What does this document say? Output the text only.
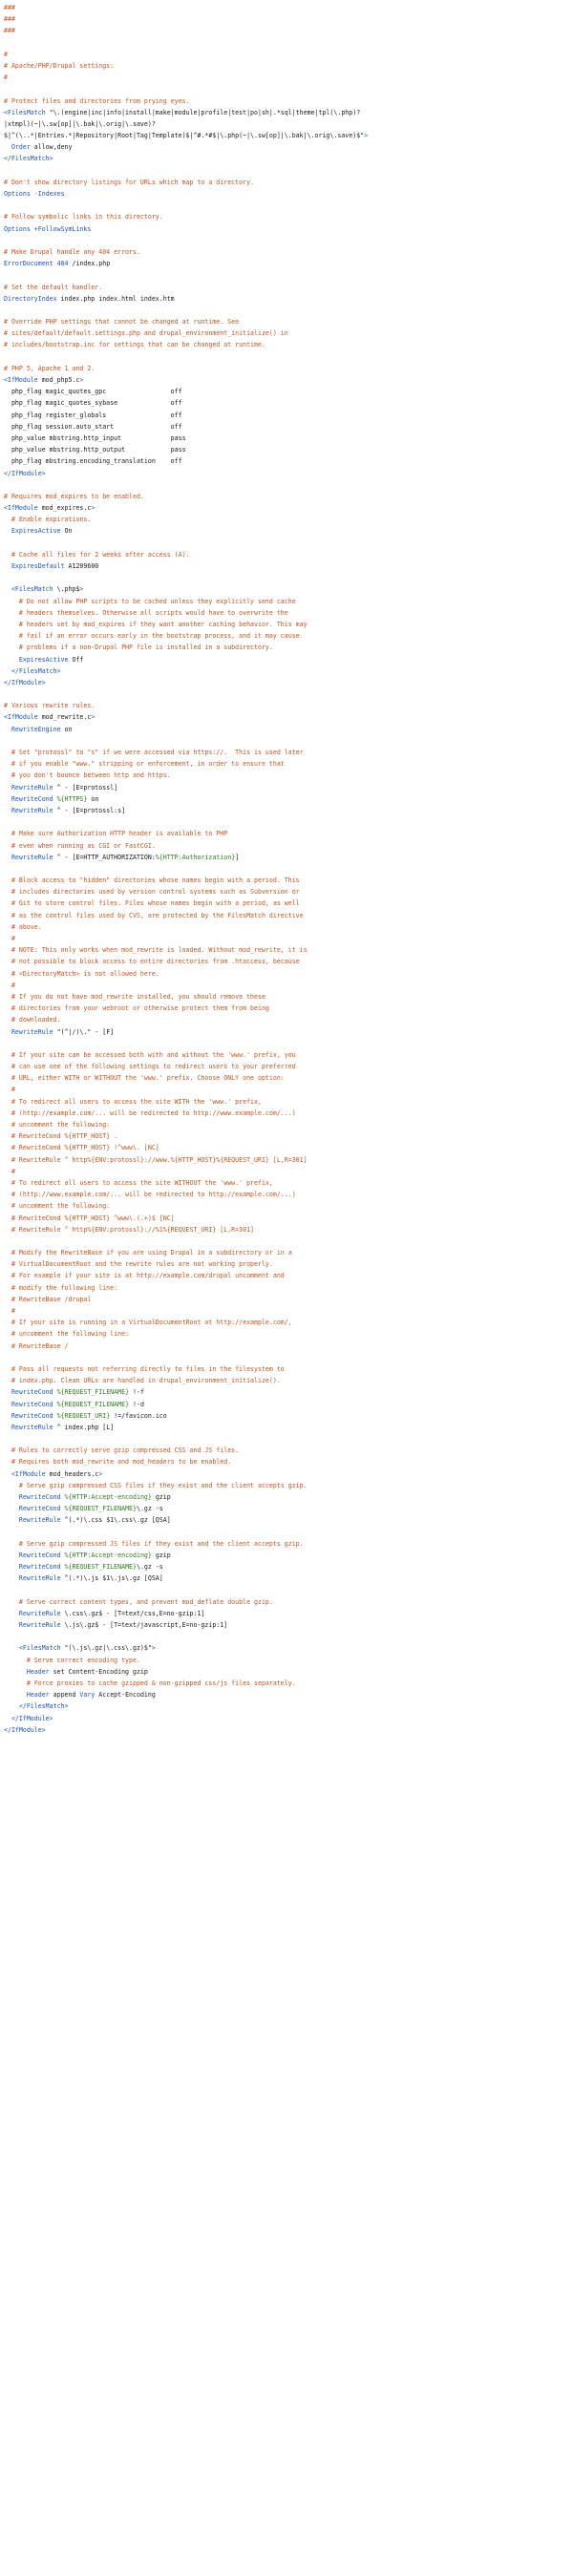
###
###
###

#
# Apache/PHP/Drupal settings:
#

# Protect files and directories from prying eyes.
<FilesMatch "\.(engine|inc|info|install|make|module|profile|test|po|sh|.*sql|theme|tpl(\.php)?
|xtmpl)(~|\.sw[op]|\.bak|\.orig|\.save)?
$|^(\..*|Entries.*|Repository|Root|Tag|Template)$|^#.*#$|\.php(~|\.sw[op]|\.bak|\.orig\.save)$">
Order allow,deny
</FilesMatch>

# Don't show directory listings for URLs which map to a directory.
Options -Indexes

# Follow symbolic links in this directory.
Options +FollowSymLinks

# Make Drupal handle any 404 errors.
ErrorDocument 404 /index.php

# Set the default handler.
DirectoryIndex index.php index.html index.htm

# Override PHP settings that cannot be changed at runtime. See
# sites/default/default.settings.php and drupal_environment_initialize() in
# includes/bootstrap.inc for settings that can be changed at runtime.

# PHP 5, Apache 1 and 2.
<IfModule mod_php5.c>
php_flag magic_quotes_gpc                 off
php_flag magic_quotes_sybase              off
php_flag register_globals                 off
php_flag session.auto_start               off
php_value mbstring.http_input             pass
php_value mbstring.http_output            pass
php_flag mbstring.encoding_translation    off
</IfModule>

# Requires mod_expires to be enabled.
<IfModule mod_expires.c>
# Enable expirations.
ExpiresActive On

# Cache all files for 2 weeks after access (A).
ExpiresDefault A1209600

<FilesMatch \.php$>
# Do not allow PHP scripts to be cached unless they explicitly send cache
# headers themselves. Otherwise all scripts would have to overwrite the
# headers set by mod_expires if they want another caching behavior. This may
# fail if an error occurs early in the bootstrap process, and it may cause
# problems if a non-Drupal PHP file is installed in a subdirectory.
ExpiresActive Off
</FilesMatch>
</IfModule>

# Various rewrite rules.
<IfModule mod_rewrite.c>
RewriteEngine on

# Set "protossl" to "s" if we were accessed via https://.  This is used later
# if you enable "www." stripping or enforcement, in order to ensure that
# you don't bounce between http and https.
RewriteRule ^ - [E=protossl]
RewriteCond %{HTTPS} on
RewriteRule ^ - [E=protossl:s]

# Make sure Authorization HTTP header is available to PHP
# even when running as CGI or FastCGI.
RewriteRule ^ - [E=HTTP_AUTHORIZATION:%{HTTP:Authorization}]

# Block access to "hidden" directories whose names begin with a period. This
# includes directories used by version control systems such as Subversion or
# Git to store control files. Files whose names begin with a period, as well
# as the control files used by CVS, are protected by the FilesMatch directive
# above.
#
# NOTE: This only works when mod_rewrite is loaded. Without mod_rewrite, it is
# not possible to block access to entire directories from .htaccess, because
# <DirectoryMatch> is not allowed here.
#
# If you do not have mod_rewrite installed, you should remove these
# directories from your webroot or otherwise protect them from being
# downloaded.
RewriteRule "(^|/)\." - [F]

# If your site can be accessed both with and without the 'www.' prefix, you
# can use one of the following settings to redirect users to your preferred
# URL, either WITH or WITHOUT the 'www.' prefix. Choose ONLY one option:
#
# To redirect all users to access the site WITH the 'www.' prefix,
# (http://example.com/... will be redirected to http://www.example.com/...)
# uncomment the following:
# RewriteCond %{HTTP_HOST} .
# RewriteCond %{HTTP_HOST} !^www\. [NC]
# RewriteRule ^ http%{ENV:protossl}://www.%{HTTP_HOST}%{REQUEST_URI} [L,R=301]
#
# To redirect all users to access the site WITHOUT the 'www.' prefix,
# (http://www.example.com/... will be redirected to http://example.com/...)
# uncomment the following:
# RewriteCond %{HTTP_HOST} ^www\.(.+)$ [NC]
# RewriteRule ^ http%{ENV:protossl}://%1%{REQUEST_URI} [L,R=301]

# Modify the RewriteBase if you are using Drupal in a subdirectory or in a
# VirtualDocumentRoot and the rewrite rules are not working properly.
# For example if your site is at http://example.com/drupal uncomment and
# modify the following line:
# RewriteBase /drupal
#
# If your site is running in a VirtualDocumentRoot at http://example.com/,
# uncomment the following line:
# RewriteBase /

# Pass all requests not referring directly to files in the filesystem to
# index.php. Clean URLs are handled in drupal_environment_initialize().
RewriteCond %{REQUEST_FILENAME} !-f
RewriteCond %{REQUEST_FILENAME} !-d
RewriteCond %{REQUEST_URI} !=/favicon.ico
RewriteRule ^ index.php [L]

# Rules to correctly serve gzip compressed CSS and JS files.
# Requires both mod_rewrite and mod_headers to be enabled.
<IfModule mod_headers.c>
# Serve gzip compressed CSS files if they exist and the client accepts gzip.
RewriteCond %{HTTP:Accept-encoding} gzip
RewriteCond %{REQUEST_FILENAME}\.gz -s
RewriteRule ^(.*)\.css $1\.css\.gz [QSA]

# Serve gzip compressed JS files if they exist and the client accepts gzip.
RewriteCond %{HTTP:Accept-encoding} gzip
RewriteCond %{REQUEST_FILENAME}\.gz -s
RewriteRule ^(.*)\.js $1\.js\.gz [QSA]

# Serve correct content types, and prevent mod_deflate double gzip.
RewriteRule \.css\.gz$ - [T=text/css,E=no-gzip:1]
RewriteRule \.js\.gz$ - [T=text/javascript,E=no-gzip:1]

<FilesMatch "(\.js\.gz|\.css\.gz)$">
# Serve correct encoding type.
Header set Content-Encoding gzip
# Force proxies to cache gzipped & non-gzipped css/js files separately.
Header append Vary Accept-Encoding
</FilesMatch>
</IfModule>
</IfModule>
